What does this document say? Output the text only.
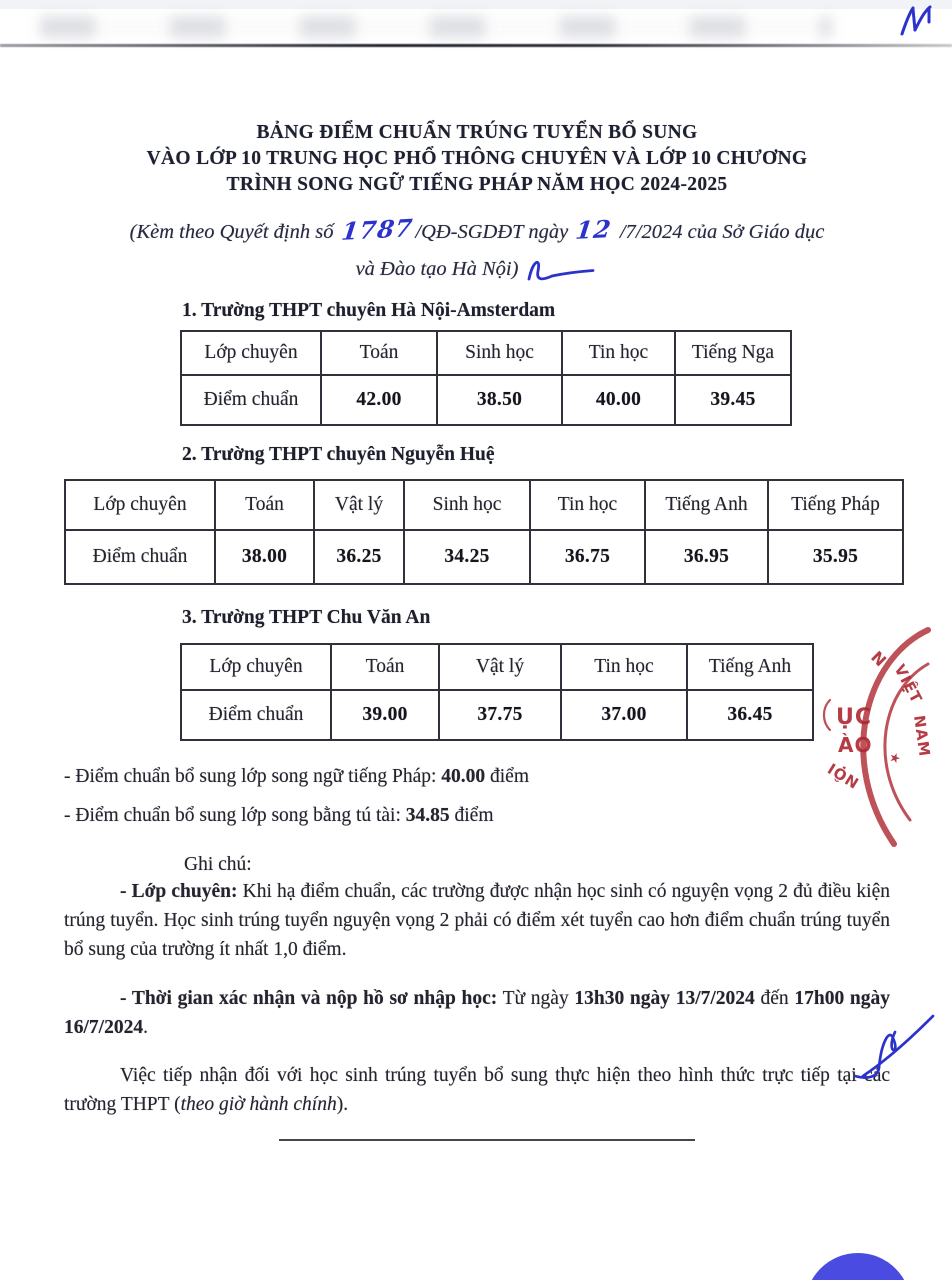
BẢNG ĐIỂM CHUẨN TRÚNG TUYỂN BỔ SUNG
VÀO LỚP 10 TRUNG HỌC PHỔ THÔNG CHUYÊN VÀ LỚP 10 CHƯƠNG
TRÌNH SONG NGỮ TIẾNG PHÁP NĂM HỌC 2024-2025
(Kèm theo Quyết định số 1787/QĐ-SGDĐT ngày 12 /7/2024 của Sở Giáo dục
và Đào tạo Hà Nội)
1. Trường THPT chuyên Hà Nội-Amsterdam
Lớp chuyên	Toán	Sinh học	Tin học	Tiếng Nga
Điểm chuẩn	42.00	38.50	40.00	39.45
2. Trường THPT chuyên Nguyễn Huệ
Lớp chuyên	Toán	Vật lý	Sinh học	Tin học	Tiếng Anh	Tiếng Pháp
Điểm chuẩn	38.00	36.25	34.25	36.75	36.95	35.95
3. Trường THPT Chu Văn An
Lớp chuyên	Toán	Vật lý	Tin học	Tiếng Anh
Điểm chuẩn	39.00	37.75	37.00	36.45
- Điểm chuẩn bổ sung lớp song ngữ tiếng Pháp: 40.00 điểm
- Điểm chuẩn bổ sung lớp song bằng tú tài: 34.85 điểm
Ghi chú:

- Lớp chuyên: Khi hạ điểm chuẩn, các trường được nhận học sinh có nguyện vọng 2 đủ điều kiện trúng tuyển. Học sinh trúng tuyển nguyện vọng 2 phải có điểm xét tuyển cao hơn điểm chuẩn trúng tuyển bổ sung của trường ít nhất 1,0 điểm.

- Thời gian xác nhận và nộp hồ sơ nhập học: Từ ngày 13h30 ngày 13/7/2024 đến 17h00 ngày 16/7/2024.

Việc tiếp nhận đối với học sinh trúng tuyển bổ sung thực hiện theo hình thức trực tiếp tại các trường THPT (theo giờ hành chính).

N
VIỆT
NAM
★
NỘI
ỤC
ÀO
